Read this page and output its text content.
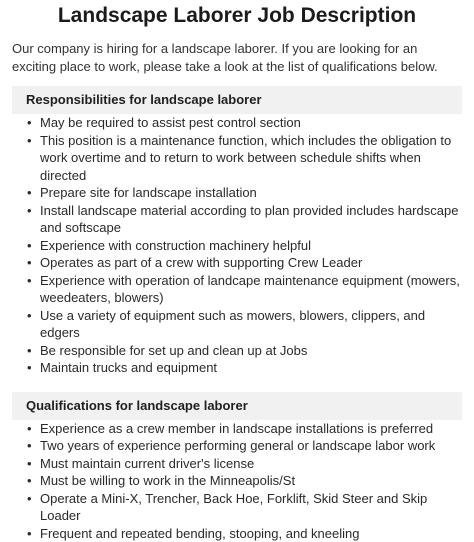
Landscape Laborer Job Description

Our company is hiring for a landscape laborer. If you are looking for an exciting place to work, please take a look at the list of qualifications below.

Responsibilities for landscape laborer
• May be required to assist pest control section
• This position is a maintenance function, which includes the obligation to work overtime and to return to work between schedule shifts when directed
• Prepare site for landscape installation
• Install landscape material according to plan provided includes hardscape and softscape
• Experience with construction machinery helpful
• Operates as part of a crew with supporting Crew Leader
• Experience with operation of landcape maintenance equipment (mowers, weedeaters, blowers)
• Use a variety of equipment such as mowers, blowers, clippers, and edgers
• Be responsible for set up and clean up at Jobs
• Maintain trucks and equipment
Qualifications for landscape laborer
• Experience as a crew member in landscape installations is preferred
• Two years of experience performing general or landscape labor work
• Must maintain current driver's license
• Must be willing to work in the Minneapolis/St
• Operate a Mini-X, Trencher, Back Hoe, Forklift, Skid Steer and Skip Loader
• Frequent and repeated bending, stooping, and kneeling
